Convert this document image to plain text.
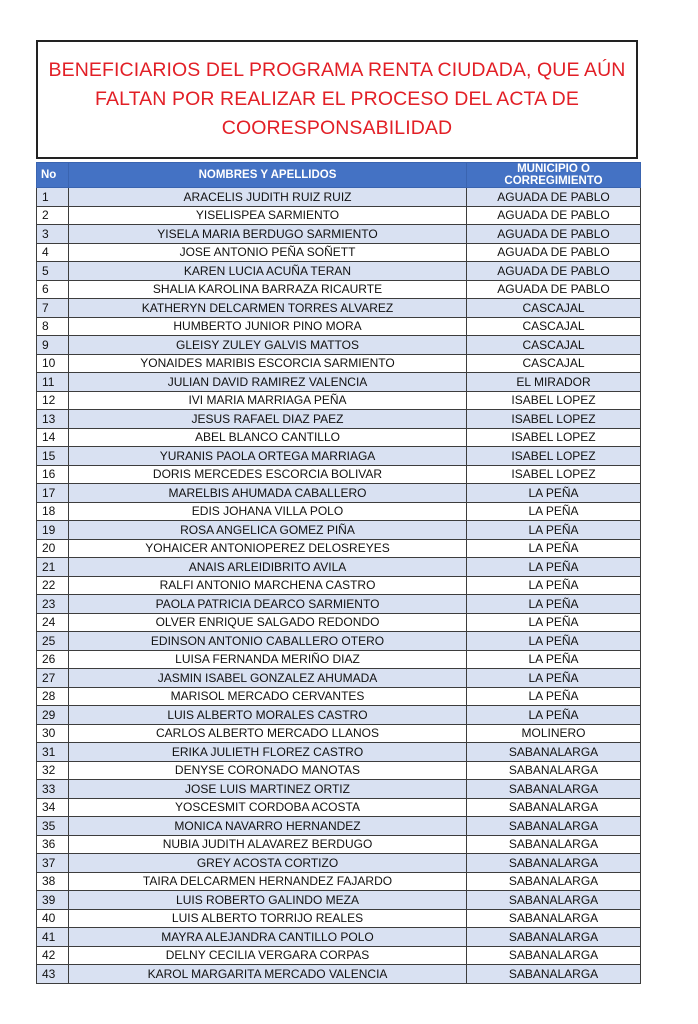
BENEFICIARIOS DEL PROGRAMA RENTA CIUDADA, QUE AÚN FALTAN POR REALIZAR EL PROCESO DEL ACTA DE COORESPONSABILIDAD
No	NOMBRES Y APELLIDOS	MUNICIPIO O CORREGIMIENTO
1	ARACELIS JUDITH RUIZ RUIZ	AGUADA DE PABLO
2	YISELISPEA SARMIENTO	AGUADA DE PABLO
3	YISELA MARIA BERDUGO SARMIENTO	AGUADA DE PABLO
4	JOSE ANTONIO PEÑA SOÑETT	AGUADA DE PABLO
5	KAREN LUCIA ACUÑA TERAN	AGUADA DE PABLO
6	SHALIA KAROLINA BARRAZA RICAURTE	AGUADA DE PABLO
7	KATHERYN DELCARMEN TORRES ALVAREZ	CASCAJAL
8	HUMBERTO JUNIOR PINO MORA	CASCAJAL
9	GLEISY ZULEY GALVIS MATTOS	CASCAJAL
10	YONAIDES MARIBIS ESCORCIA SARMIENTO	CASCAJAL
11	JULIAN DAVID RAMIREZ VALENCIA	EL MIRADOR
12	IVI MARIA MARRIAGA PEÑA	ISABEL LOPEZ
13	JESUS RAFAEL DIAZ PAEZ	ISABEL LOPEZ
14	ABEL BLANCO CANTILLO	ISABEL LOPEZ
15	YURANIS PAOLA ORTEGA MARRIAGA	ISABEL LOPEZ
16	DORIS MERCEDES ESCORCIA BOLIVAR	ISABEL LOPEZ
17	MARELBIS AHUMADA CABALLERO	LA PEÑA
18	EDIS JOHANA VILLA POLO	LA PEÑA
19	ROSA ANGELICA GOMEZ PIÑA	LA PEÑA
20	YOHAICER ANTONIOPEREZ DELOSREYES	LA PEÑA
21	ANAIS ARLEIDIBRITO AVILA	LA PEÑA
22	RALFI ANTONIO MARCHENA CASTRO	LA PEÑA
23	PAOLA PATRICIA DEARCO SARMIENTO	LA PEÑA
24	OLVER ENRIQUE SALGADO REDONDO	LA PEÑA
25	EDINSON ANTONIO CABALLERO OTERO	LA PEÑA
26	LUISA FERNANDA MERIÑO DIAZ	LA PEÑA
27	JASMIN ISABEL GONZALEZ AHUMADA	LA PEÑA
28	MARISOL MERCADO CERVANTES	LA PEÑA
29	LUIS ALBERTO MORALES CASTRO	LA PEÑA
30	CARLOS ALBERTO MERCADO LLANOS	MOLINERO
31	ERIKA JULIETH FLOREZ CASTRO	SABANALARGA
32	DENYSE CORONADO MANOTAS	SABANALARGA
33	JOSE LUIS MARTINEZ ORTIZ	SABANALARGA
34	YOSCESMIT CORDOBA ACOSTA	SABANALARGA
35	MONICA NAVARRO HERNANDEZ	SABANALARGA
36	NUBIA JUDITH ALAVAREZ BERDUGO	SABANALARGA
37	GREY ACOSTA CORTIZO	SABANALARGA
38	TAIRA DELCARMEN HERNANDEZ FAJARDO	SABANALARGA
39	LUIS ROBERTO GALINDO MEZA	SABANALARGA
40	LUIS ALBERTO TORRIJO REALES	SABANALARGA
41	MAYRA ALEJANDRA CANTILLO POLO	SABANALARGA
42	DELNY CECILIA VERGARA CORPAS	SABANALARGA
43	KAROL MARGARITA MERCADO VALENCIA	SABANALARGA
